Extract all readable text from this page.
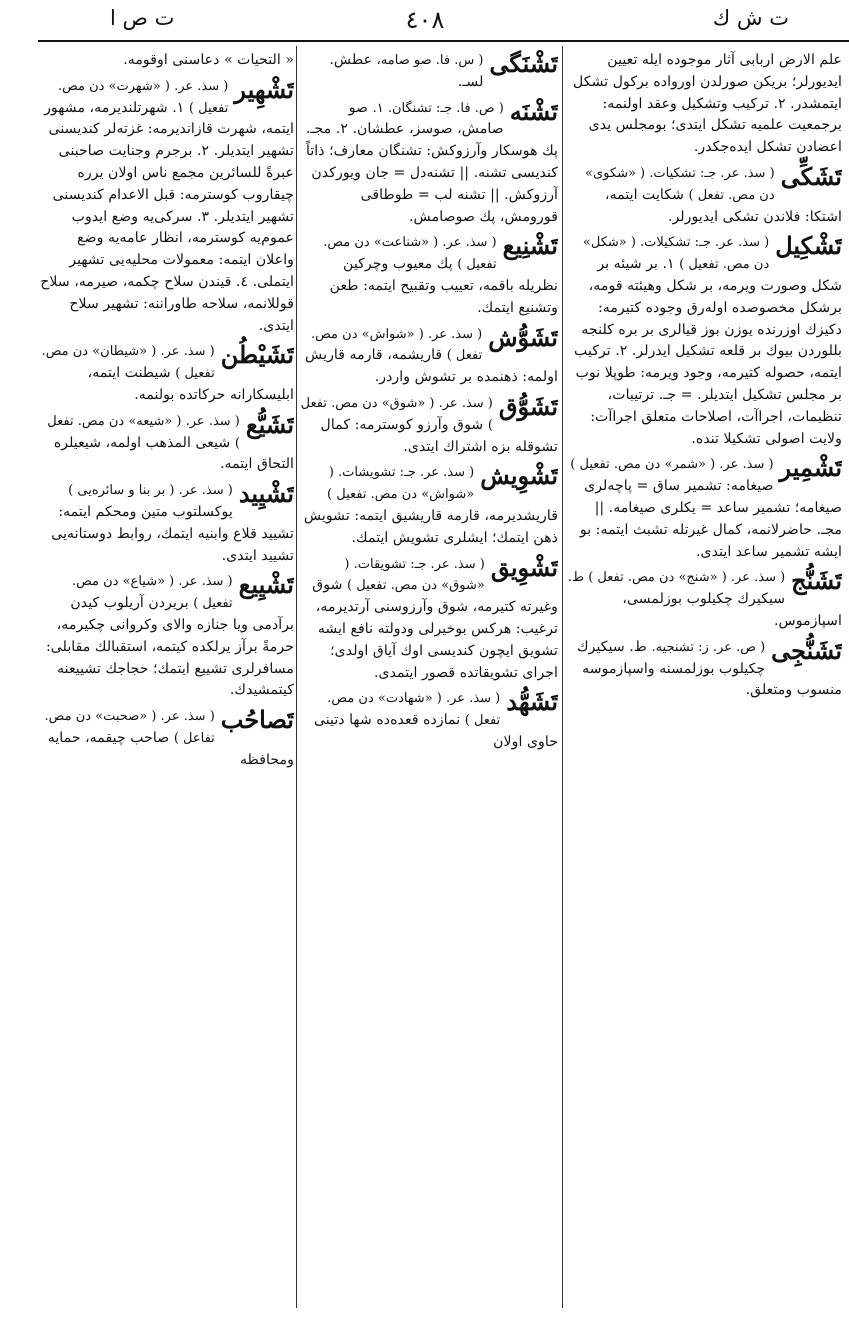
ت ش ك
٤٠٨
ت ص ا
علم الارض اربابی آثار موجوده ایله تعیین ایدیورلر؛ بریکن صورلدن اورواده برکول تشکل ایتمشدر. ۲. ترکیب وتشکیل وعقد اولنمه: برجمعیت علمیه تشکل ایتدی؛ بومجلس یدی اعضادن تشکل ایده‌جکدر.
تَشَكِّی
( سذ. عر. جـ: تشکیات. ( «شکوی» دن مص. تفعل ) شکایت ایتمه، اشتکا: فلاندن تشکی ایدیورلر.
تَشْكِيل
( سذ. عر. جـ: تشکیلات. ( «شکل» دن مص. تفعیل ) ۱. بر شیئه بر شکل وصورت ویرمه، بر شکل وهیئته قومه، برشکل مخصوصده اولەرق وجوده کتیرمه: دکیزك اوزرنده یوزن بوز قیالری بر بره کلنجه بللوردن بیوك بر قلعه تشکیل ایدرلر. ۲. ترکیب ایتمه، حصوله کتیرمه، وجود ویرمه: طوپلا نوب بر مجلس تشکیل ایتدیلر. = جـ. ترتیبات، تنظیمات، اجراآت، اصلاحات متعلق اجراآت: ولایت اصولی تشکیلا تنده.
تَشْمِير
( سذ. عر. ( «شمر» دن مص. تفعیل ) صیغامه: تشمیر ساق = پاچه‌لری صیغامه؛ تشمیر ساعد = یکلری صیغامه. || مجـ. حاضرلانمه، کمال غیرتله تشبث ایتمه: بو ایشه تشمیر ساعد ایتدی.
تَشَنُّج
( سذ. عر. ( «شنج» دن مص. تفعل ) ط. سیکیرك چکیلوب بوزلمسی، اسپازموس.
تَشَنُّجِی
( ص. عر. ز: تشنجیه. ط. سیکیرك چکیلوب بوزلمسنه واسپازموسه منسوب ومتعلق.
تَشْنَگی
( س. فا. صو صامه، عطش. لسـ.
تَشْنَه
( ص. فا. جـ: تشنگان. ۱. صو صامش، صوسز، عطشان. ۲. مجـ. پك هوسكار وآرزوكش: تشنگان معارف؛ ذاتاً كندیسی تشنه. || تشنه‌دل = جان ویوركدن آرزوكش. || تشنه لب = طوطاقی قورومش، پك صوصامش.
تَشْنِيع
( سذ. عر. ( «شناعت» دن مص. تفعیل ) پك معیوب وچركین نظریله باقمه، تعییب وتقبیح ایتمه: طعن وتشنیع ایتمك.
تَشَوُّش
( سذ. عر. ( «شواش» دن مص. تفعل ) قاریشمه، قارمه قاریش اولمه: ذهنمده بر تشوش واردر.
تَشَوُّق
( سذ. عر. ( «شوق» دن مص. تفعل ) شوق وآرزو كوسترمه: كمال تشوقله بزه اشتراك ایتدی.
تَشْوِيش
( سذ. عر. جـ: تشویشات. ( «شواش» دن مص. تفعیل ) قاریشدیرمه، قارمه قاریشیق ایتمه: تشویش ذهن ایتمك؛ ایشلری تشویش ایتمك.
تَشْوِيق
( سذ. عر. جـ: تشویقات. ( «شوق» دن مص. تفعیل ) شوق وغیرته كتیرمه، شوق وآرزوسنی آرتدیرمه، ترغیب: هركس بوخیرلی ودولته نافع ایشه تشویق ایچون كندیسی اوك آیاق اولدی؛ اجرای تشویقاتده قصور ایتمدی.
تَشَهُّد
( سذ. عر. ( «شهادت» دن مص. تفعل ) نمازده قعده‌ده شها دتینی حاوی اولان
« التحیات » دعاسنی اوقومه.
تَشْهِير
( سذ. عر. ( «شهرت» دن مص. تفعیل ) ۱. شهرتلندیرمه، مشهور ایتمه، شهرت قازاندیرمه: غزته‌لر كندیسنی تشهیر ایتدیلر. ۲. برجرم وجنایت صاحبنی عبرةً للسائرین مجمع ناس اولان یرره چیقاروب كوسترمه: قبل الاعدام كندیسنی تشهیر ایتدیلر. ۳. سركی‌یه وضع ایدوب عموم‌یه كوسترمه، انظار عامه‌یه وضع واعلان ایتمه: معمولات محلیه‌یی تشهیر ایتملی. ٤. قیندن سلاح چكمه، صیرمه، سلاح قوللانمه، سلاحه طاوراننه: تشهیر سلاح ایتدی.
تَشَيْطُن
( سذ. عر. ( «شیطان» دن مص. تفعیل ) شیطنت ایتمه، ابلیسكارانه حركاتده بولنمه.
تَشَيُّع
( سذ. عر. ( «شیعه» دن مص. تفعل ) شیعی المذهب اولمه، شیعیلره التحاق ایتمه.
تَشْيِيد
( سذ. عر. ( بر بنا و سائره‌یی ) یوكسلتوب متین ومحكم ایتمه: تشیید قلاع وابنیه ایتمك، روابط دوستانه‌یی تشیید ایتدی.
تَشْيِيع
( سذ. عر. ( «شیاع» دن مص. تفعیل ) بریردن آریلوب كیدن برآدمی ویا جنازه والای وكروانی چكیرمه، حرمةً برآز یرلكده كیتمه، استقبالك مقابلی: مسافرلری تشییع ایتمك؛ حجاجك تشییعنه كیتمشیدك.
تَصاحُب
( سذ. عر. ( «صحبت» دن مص. تفاعل ) صاحب چیقمه، حمایه ومحافظه
